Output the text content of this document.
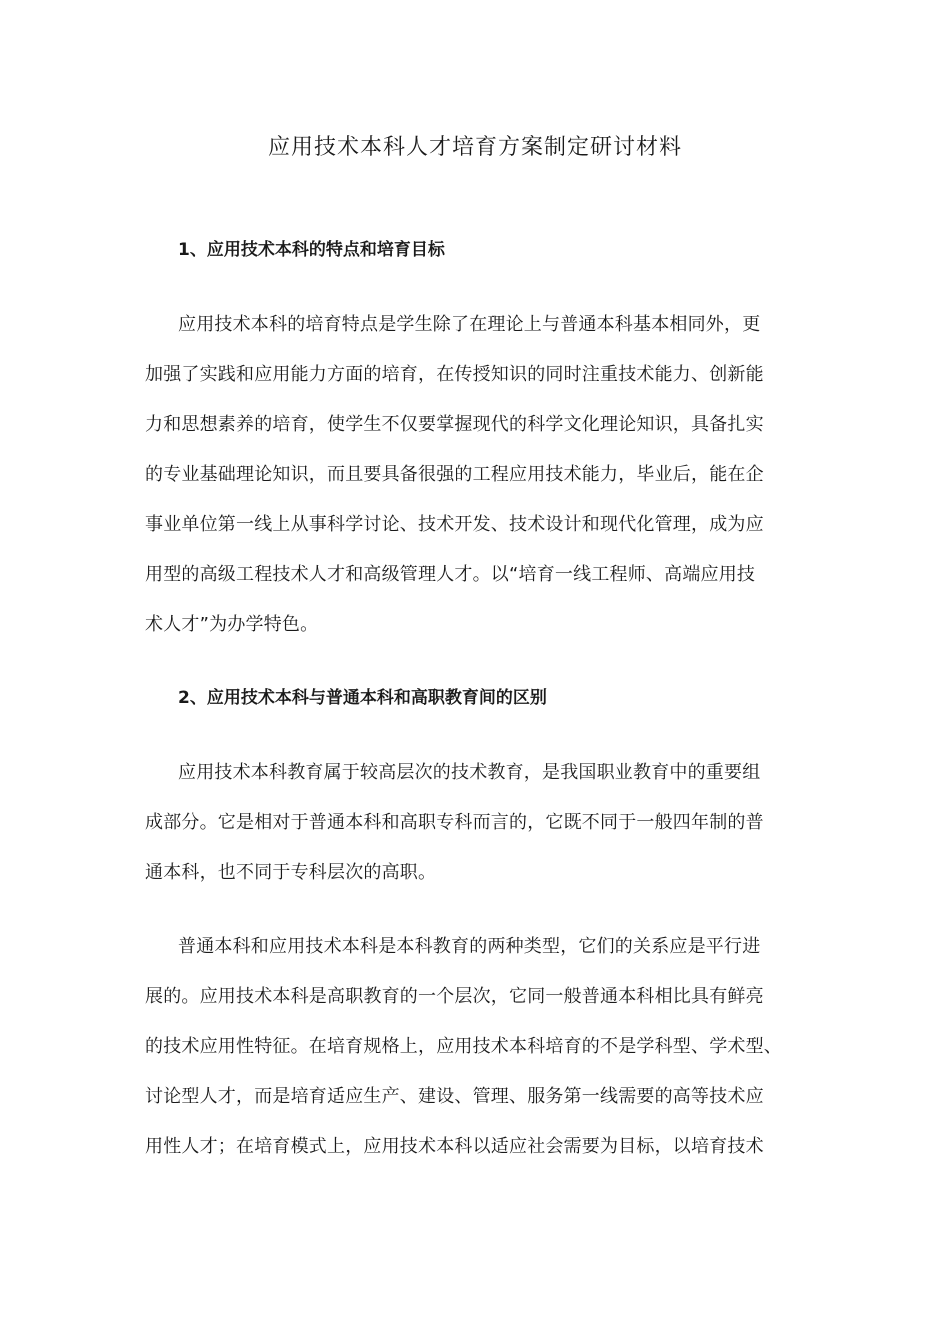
应用技术本科人才培育方案制定研讨材料
1、应用技术本科的特点和培育目标
应用技术本科的培育特点是学生除了在理论上与普通本科基本相同外，更
加强了实践和应用能力方面的培育，在传授知识的同时注重技术能力、创新能
力和思想素养的培育，使学生不仅要掌握现代的科学文化理论知识，具备扎实
的专业基础理论知识，而且要具备很强的工程应用技术能力，毕业后，能在企
事业单位第一线上从事科学讨论、技术开发、技术设计和现代化管理，成为应
用型的高级工程技术人才和高级管理人才。以“培育一线工程师、高端应用技
术人才”为办学特色。
2、应用技术本科与普通本科和高职教育间的区别
应用技术本科教育属于较高层次的技术教育，是我国职业教育中的重要组
成部分。它是相对于普通本科和高职专科而言的，它既不同于一般四年制的普
通本科，也不同于专科层次的高职。
普通本科和应用技术本科是本科教育的两种类型，它们的关系应是平行进
展的。应用技术本科是高职教育的一个层次，它同一般普通本科相比具有鲜亮
的技术应用性特征。在培育规格上，应用技术本科培育的不是学科型、学术型、
讨论型人才，而是培育适应生产、建设、管理、服务第一线需要的高等技术应
用性人才；在培育模式上，应用技术本科以适应社会需要为目标，以培育技术
